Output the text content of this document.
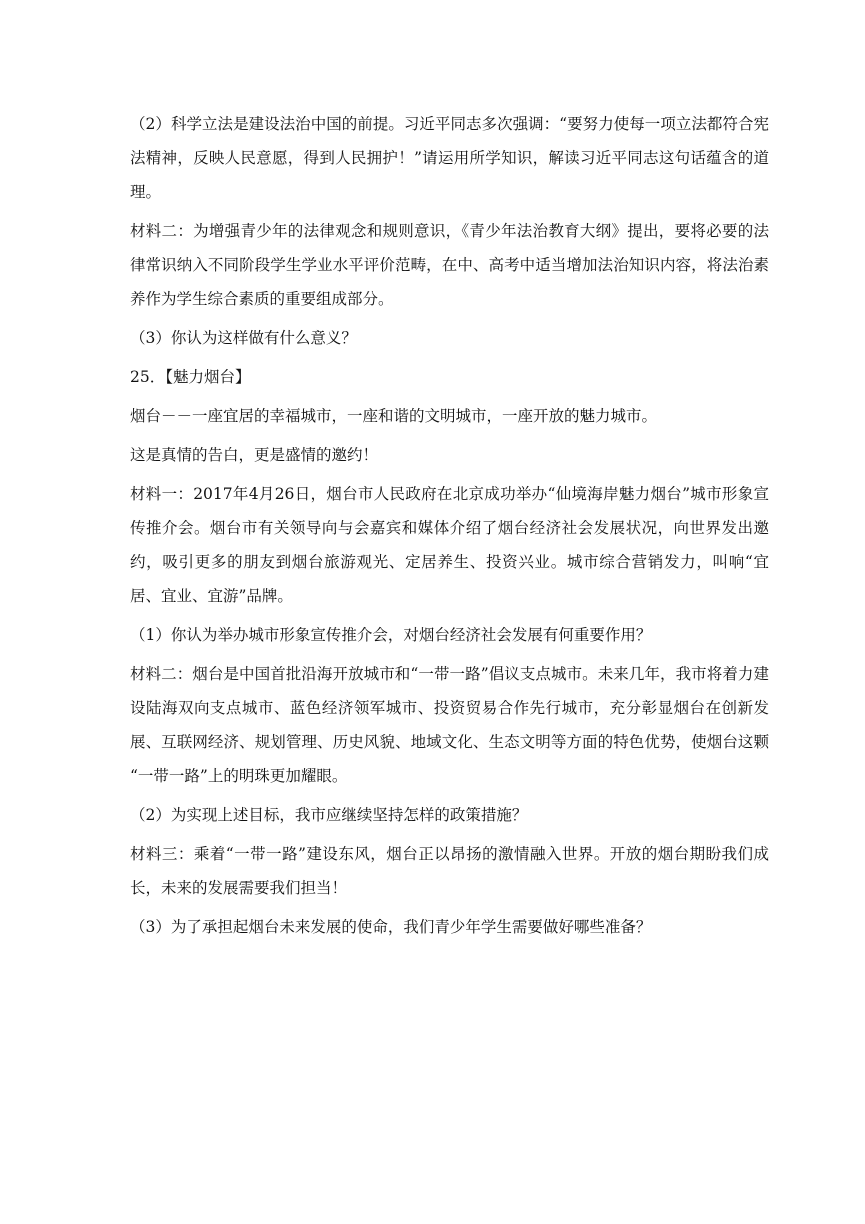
（2）科学立法是建设法治中国的前提。习近平同志多次强调：“要努力使每一项立法都符合宪法精神，反映人民意愿，得到人民拥护！”请运用所学知识，解读习近平同志这句话蕴含的道理。

材料二：为增强青少年的法律观念和规则意识，《青少年法治教育大纲》提出，要将必要的法律常识纳入不同阶段学生学业水平评价范畴，在中、高考中适当增加法治知识内容，将法治素养作为学生综合素质的重要组成部分。

（3）你认为这样做有什么意义？

25．【魅力烟台】

烟台－－一座宜居的幸福城市，一座和谐的文明城市，一座开放的魅力城市。

这是真情的告白，更是盛情的邀约！

材料一：2017年4月26日，烟台市人民政府在北京成功举办“仙境海岸魅力烟台”城市形象宣传推介会。烟台市有关领导向与会嘉宾和媒体介绍了烟台经济社会发展状况，向世界发出邀约，吸引更多的朋友到烟台旅游观光、定居养生、投资兴业。城市综合营销发力，叫响“宜居、宜业、宜游”品牌。

（1）你认为举办城市形象宣传推介会，对烟台经济社会发展有何重要作用？

材料二：烟台是中国首批沿海开放城市和“一带一路”倡议支点城市。未来几年，我市将着力建设陆海双向支点城市、蓝色经济领军城市、投资贸易合作先行城市，充分彰显烟台在创新发展、互联网经济、规划管理、历史风貌、地域文化、生态文明等方面的特色优势，使烟台这颗 “一带一路”上的明珠更加耀眼。

（2）为实现上述目标，我市应继续坚持怎样的政策措施？

材料三：乘着“一带一路”建设东风，烟台正以昂扬的激情融入世界。开放的烟台期盼我们成长，未来的发展需要我们担当！

（3）为了承担起烟台未来发展的使命，我们青少年学生需要做好哪些准备？
